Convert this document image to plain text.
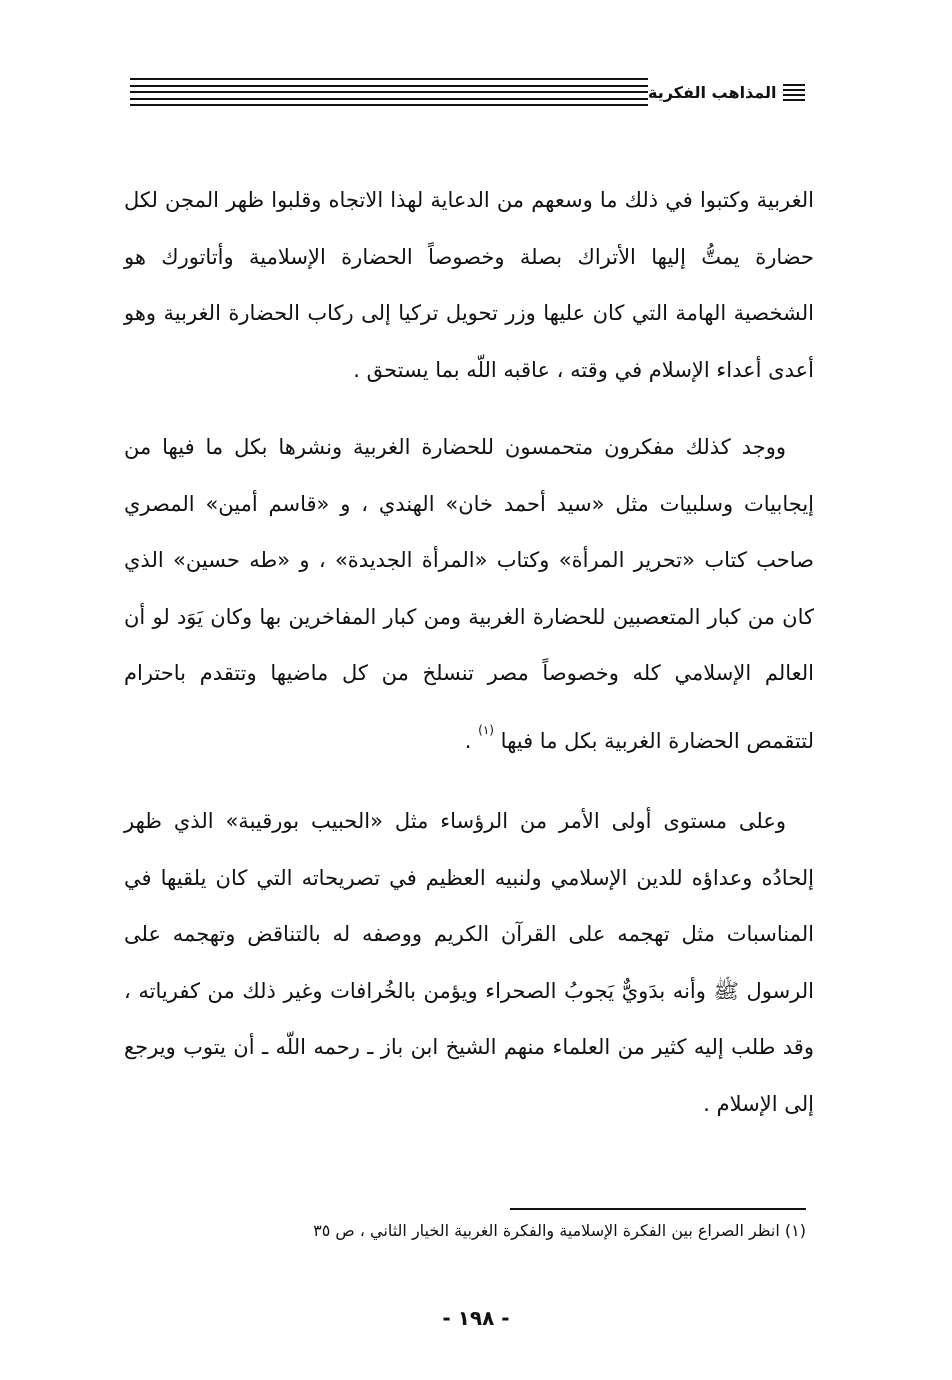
المذاهب الفكرية

الغربية وكتبوا في ذلك ما وسعهم من الدعاية لهذا الاتجاه وقلبوا ظهر المجن لكل حضارة يمتُّ إليها الأتراك بصلة وخصوصاً الحضارة الإسلامية وأتاتورك هو الشخصية الهامة التي كان عليها وزر تحويل تركيا إلى ركاب الحضارة الغربية وهو أعدى أعداء الإسلام في وقته ، عاقبه اللّه بما يستحق .

ووجد كذلك مفكرون متحمسون للحضارة الغربية ونشرها بكل ما فيها من إيجابيات وسلبيات مثل «سيد أحمد خان» الهندي ، و «قاسم أمين» المصري صاحب كتاب «تحرير المرأة» وكتاب «المرأة الجديدة» ، و «طه حسين» الذي كان من كبار المتعصبين للحضارة الغربية ومن كبار المفاخرين بها وكان يَوَد لو أن العالم الإسلامي كله وخصوصاً مصر تنسلخ من كل ماضيها وتتقدم باحترام لتتقمص الحضارة الغربية بكل ما فيها $^{(١)}$ .

وعلى مستوى أولى الأمر من الرؤساء مثل «الحبيب بورقيبة» الذي ظهر إلحادُه وعداؤه للدين الإسلامي ولنبيه العظيم في تصريحاته التي كان يلقيها في المناسبات مثل تهجمه على القرآن الكريم ووصفه له بالتناقض وتهجمه على الرسول ﷺ وأنه بدَويٌّ يَجوبُ الصحراء ويؤمن بالخُرافات وغير ذلك من كفرياته ، وقد طلب إليه كثير من العلماء منهم الشيخ ابن باز ـ رحمه اللّه ـ أن يتوب ويرجع إلى الإسلام .

(١) انظر الصراع بين الفكرة الإسلامية والفكرة الغربية الخيار الثاني ، ص ٣٥
- ١٩٨ -
